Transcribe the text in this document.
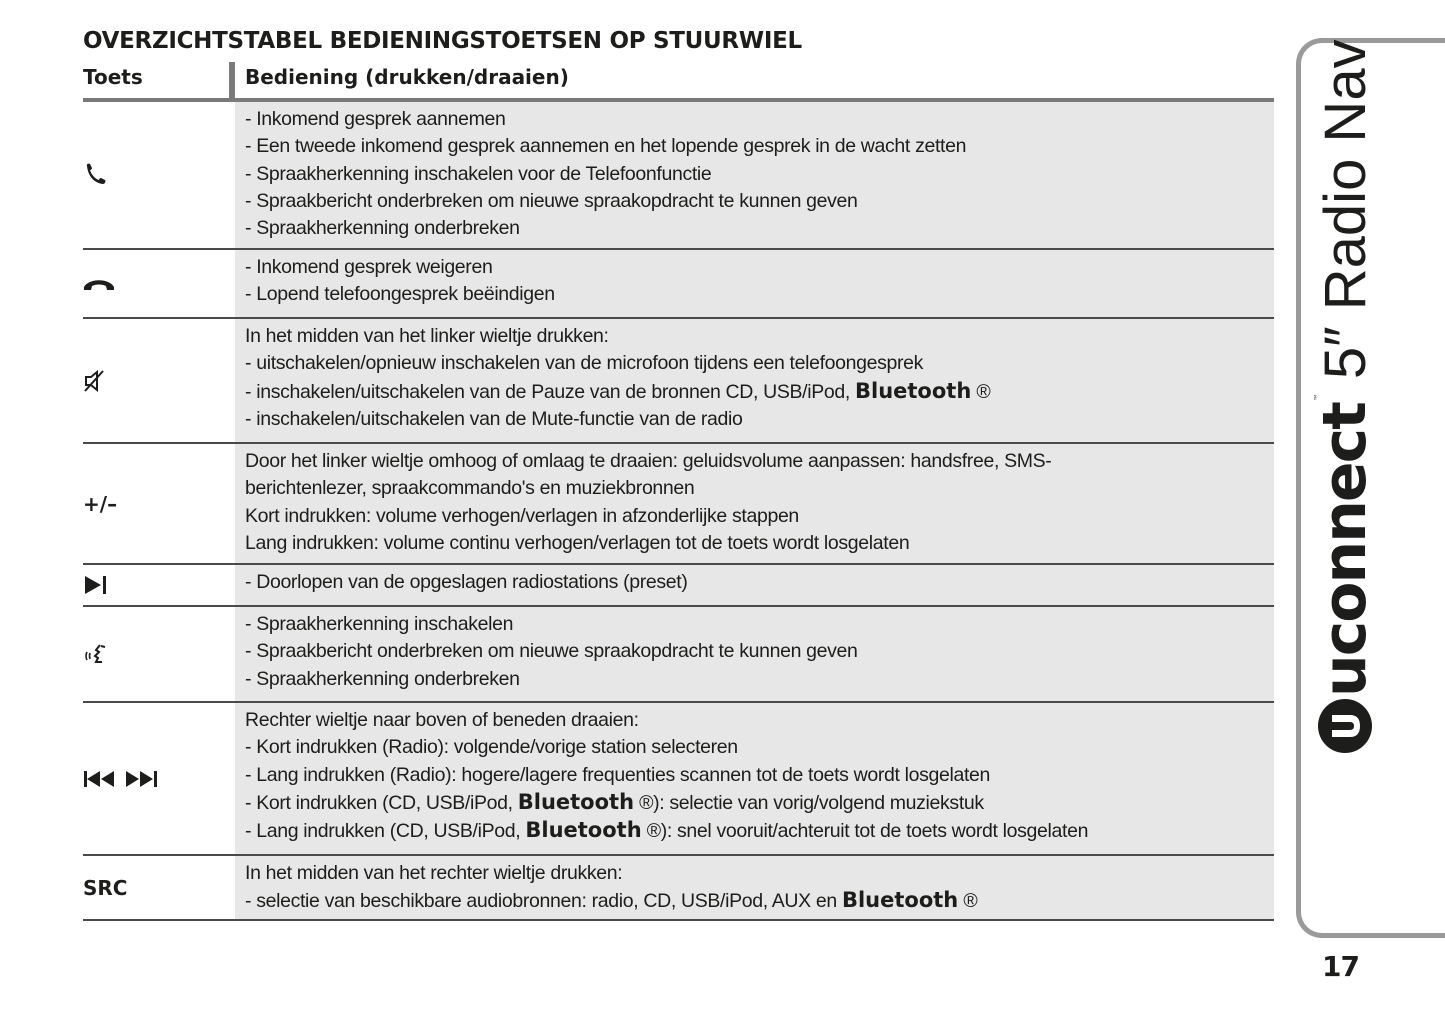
OVERZICHTSTABEL BEDIENINGSTOETSEN OP STUURWIEL
Toets	Bediening (drukken/draaien)
- Inkomend gesprek aannemen
- Een tweede inkomend gesprek aannemen en het lopende gesprek in de wacht zetten
- Spraakherkenning inschakelen voor de Telefoonfunctie
- Spraakbericht onderbreken om nieuwe spraakopdracht te kunnen geven
- Spraakherkenning onderbreken
- Inkomend gesprek weigeren
- Lopend telefoongesprek beëindigen
In het midden van het linker wieltje drukken:
- uitschakelen/opnieuw inschakelen van de microfoon tijdens een telefoongesprek
- inschakelen/uitschakelen van de Pauze van de bronnen CD, USB/iPod, Bluetooth ®
- inschakelen/uitschakelen van de Mute-functie van de radio
+/–
Door het linker wieltje omhoog of omlaag te draaien: geluidsvolume aanpassen: handsfree, SMS-
berichtenlezer, spraakcommando's en muziekbronnen
Kort indrukken: volume verhogen/verlagen in afzonderlijke stappen
Lang indrukken: volume continu verhogen/verlagen tot de toets wordt losgelaten
- Doorlopen van de opgeslagen radiostations (preset)
- Spraakherkenning inschakelen
- Spraakbericht onderbreken om nieuwe spraakopdracht te kunnen geven
- Spraakherkenning onderbreken
Rechter wieltje naar boven of beneden draaien:
- Kort indrukken (Radio): volgende/vorige station selecteren
- Lang indrukken (Radio): hogere/lagere frequenties scannen tot de toets wordt losgelaten
- Kort indrukken (CD, USB/iPod, Bluetooth ®): selectie van vorig/volgend muziekstuk
- Lang indrukken (CD, USB/iPod, Bluetooth ®): snel vooruit/achteruit tot de toets wordt losgelaten
SRC
In het midden van het rechter wieltje drukken:
- selectie van beschikbare audiobronnen: radio, CD, USB/iPod, AUX en Bluetooth ®
uconnect
™
5″ Radio Nav
17
